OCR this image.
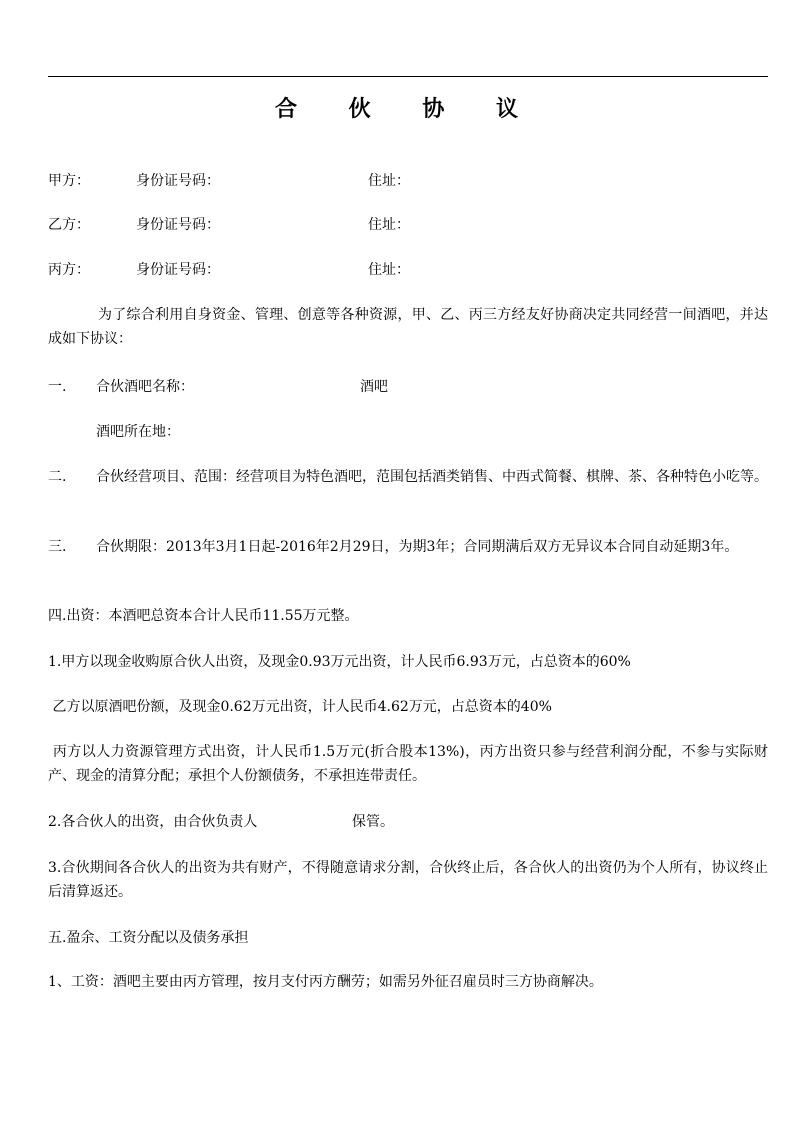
合 伙 协 议
甲方：	身份证号码：	住址：
乙方：	身份证号码：	住址：
丙方：	身份证号码：	住址：
为了综合利用自身资金、管理、创意等各种资源，甲、乙、丙三方经友好协商决定共同经营一间酒吧，并达成如下协议：
一. 合伙酒吧名称：	酒吧
酒吧所在地：
二. 合伙经营项目、范围：经营项目为特色酒吧，范围包括酒类销售、中西式简餐、棋牌、茶、各种特色小吃等。
三. 合伙期限：2013年3月1日起-2016年2月29日，为期3年；合同期满后双方无异议本合同自动延期3年。
四.出资：本酒吧总资本合计人民币11.55万元整。
1.甲方以现金收购原合伙人出资，及现金0.93万元出资，计人民币6.93万元，占总资本的60%
乙方以原酒吧份额，及现金0.62万元出资，计人民币4.62万元，占总资本的40%
丙方以人力资源管理方式出资，计人民币1.5万元(折合股本13%)，丙方出资只参与经营利润分配，不参与实际财产、现金的清算分配；承担个人份额债务，不承担连带责任。
2.各合伙人的出资，由合伙负责人	保管。
3.合伙期间各合伙人的出资为共有财产，不得随意请求分割，合伙终止后，各合伙人的出资仍为个人所有，协议终止后清算返还。
五.盈余、工资分配以及债务承担
1、工资：酒吧主要由丙方管理，按月支付丙方酬劳；如需另外征召雇员时三方协商解决。
